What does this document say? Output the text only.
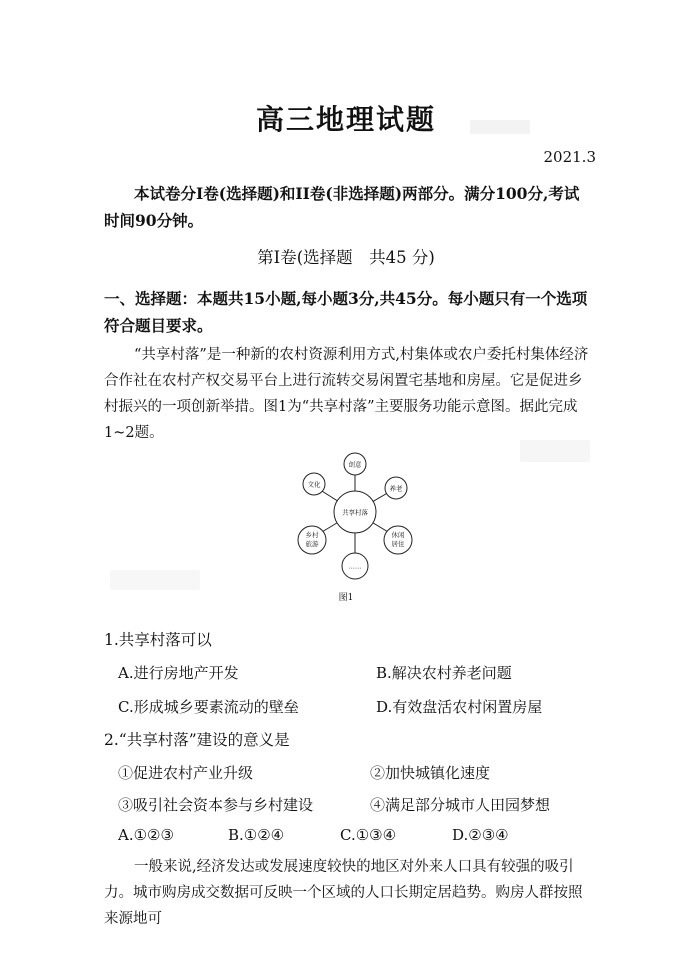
高三地理试题
2021.3
本试卷分Ⅰ卷(选择题)和II卷(非选择题)两部分。满分100分,考试时间90分钟。
第Ⅰ卷(选择题　共45 分)
一、选择题：本题共15小题,每小题3分,共45分。每小题只有一个选项符合题目要求。
“共享村落”是一种新的农村资源利用方式,村集体或农户委托村集体经济合作社在农村产权交易平台上进行流转交易闲置宅基地和房屋。它是促进乡村振兴的一项创新举措。图1为“共享村落”主要服务功能示意图。据此完成1~2题。
共享村落
创意
养老
休闲
居住
……
乡村
旅游
文化
图1
1.共享村落可以
A.进行房地产开发	B.解决农村养老问题
C.形成城乡要素流动的壁垒	D.有效盘活农村闲置房屋
2.“共享村落”建设的意义是
①促进农村产业升级	②加快城镇化速度
③吸引社会资本参与乡村建设	④满足部分城市人田园梦想
A.①②③	B.①②④	C.①③④	D.②③④
一般来说,经济发达或发展速度较快的地区对外来人口具有较强的吸引力。城市购房成交数据可反映一个区域的人口长期定居趋势。购房人群按照来源地可
